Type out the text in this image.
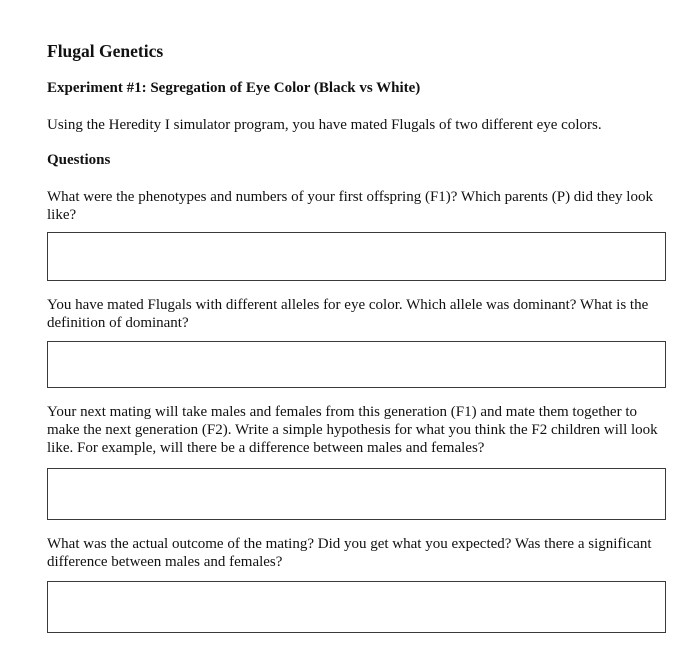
Flugal Genetics
Experiment #1: Segregation of Eye Color (Black vs White)

Using the Heredity I simulator program, you have mated Flugals of two different eye colors.

Questions

What were the phenotypes and numbers of your first offspring (F1)? Which parents (P) did they look like?

You have mated Flugals with different alleles for eye color. Which allele was dominant? What is the definition of dominant?

Your next mating will take males and females from this generation (F1) and mate them together to make the next generation (F2). Write a simple hypothesis for what you think the F2 children will look like. For example, will there be a difference between males and females?

What was the actual outcome of the mating? Did you get what you expected? Was there a significant difference between males and females?
